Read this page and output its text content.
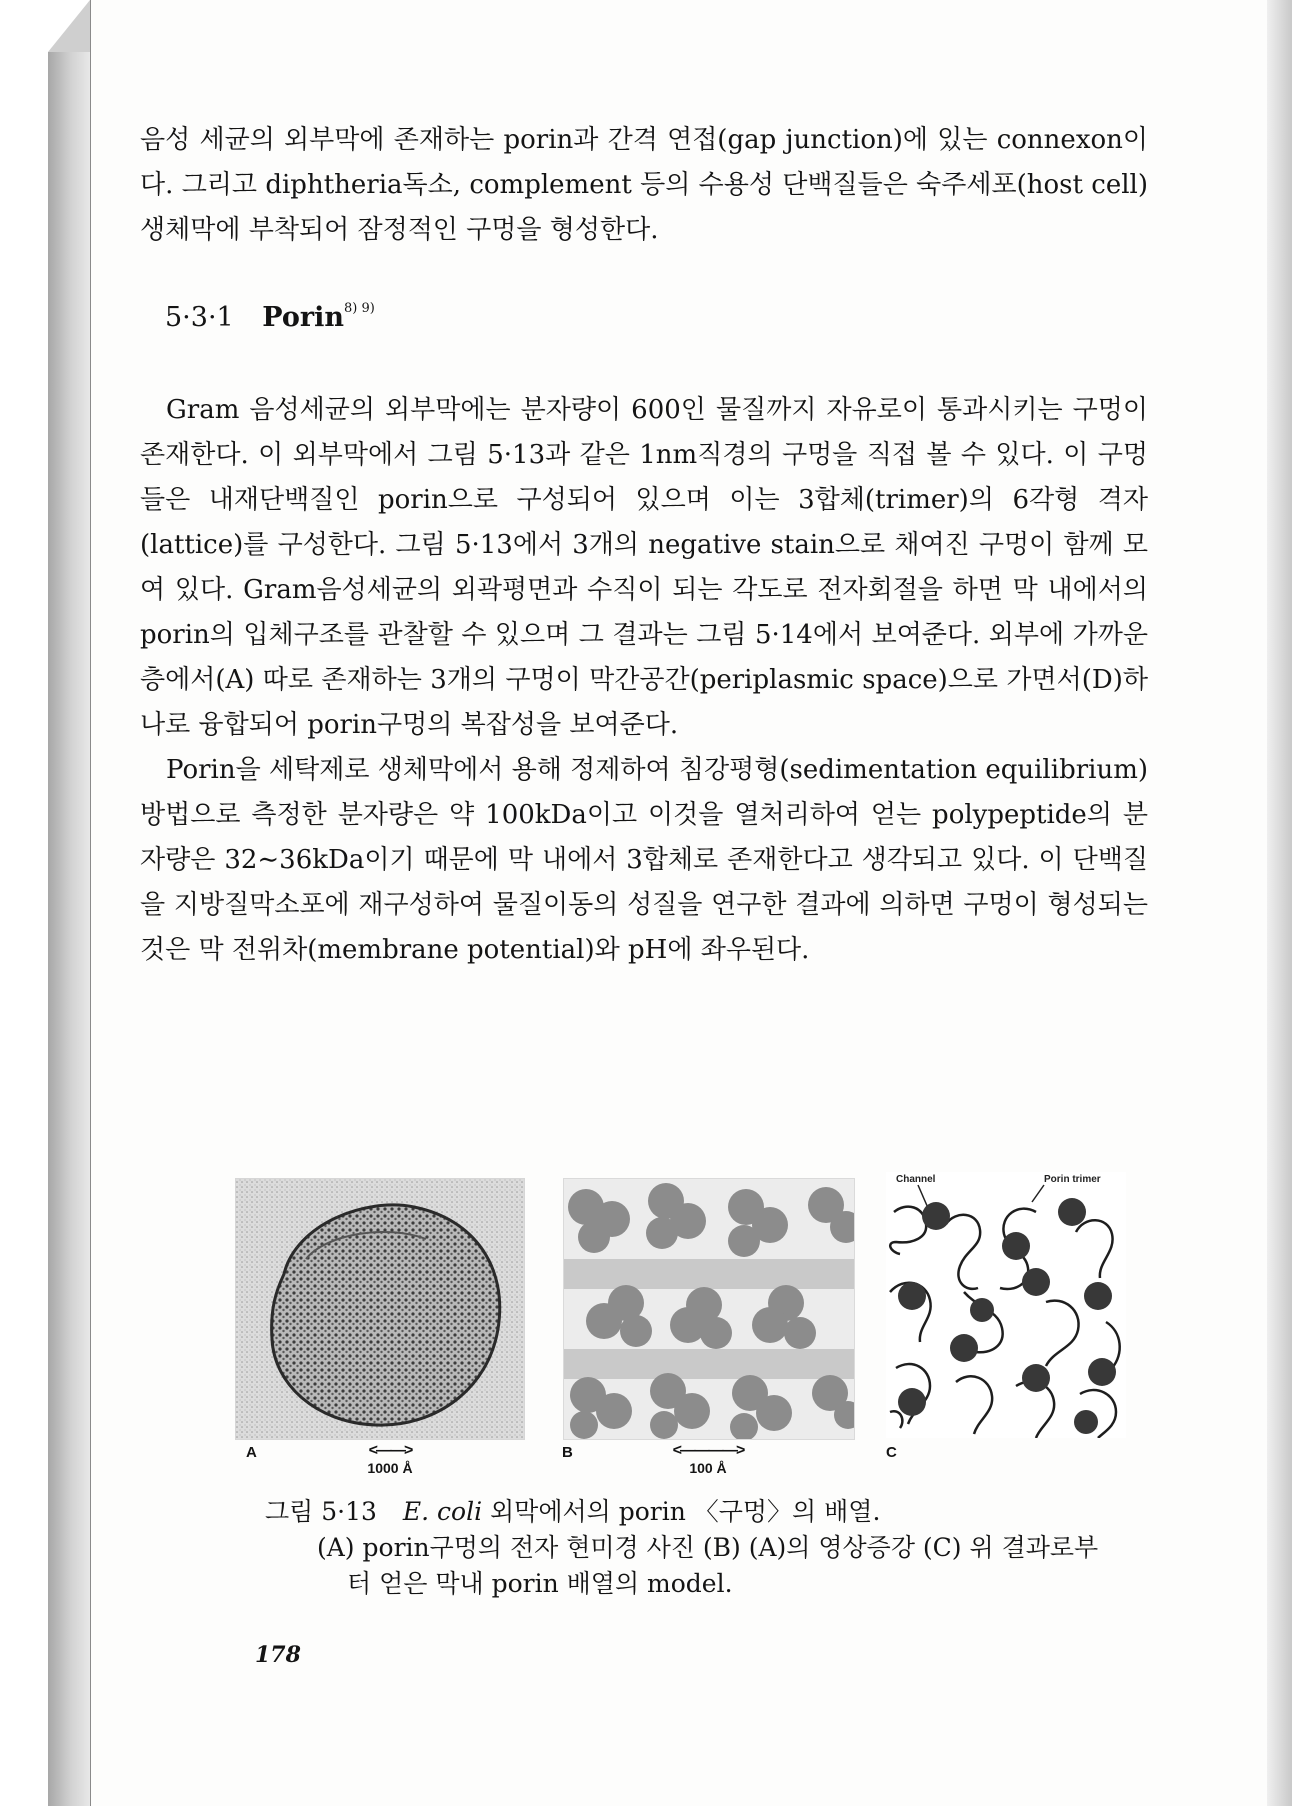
음성 세균의 외부막에 존재하는 porin과 간격 연접(gap junction)에 있는 connexon이다. 그리고 diphtheria독소, complement 등의 수용성 단백질들은 숙주세포(host cell) 생체막에 부착되어 잠정적인 구멍을 형성한다.

5·3·1 Porin$^{8) 9)}$

Gram 음성세균의 외부막에는 분자량이 600인 물질까지 자유로이 통과시키는 구멍이 존재한다. 이 외부막에서 그림 5·13과 같은 1nm직경의 구멍을 직접 볼 수 있다. 이 구멍들은 내재단백질인 porin으로 구성되어 있으며 이는 3합체(trimer)의 6각형 격자(lattice)를 구성한다. 그림 5·13에서 3개의 negative stain으로 채여진 구멍이 함께 모여 있다. Gram음성세균의 외곽평면과 수직이 되는 각도로 전자회절을 하면 막 내에서의 porin의 입체구조를 관찰할 수 있으며 그 결과는 그림 5·14에서 보여준다. 외부에 가까운 층에서(A) 따로 존재하는 3개의 구멍이 막간공간(periplasmic space)으로 가면서(D)하나로 융합되어 porin구멍의 복잡성을 보여준다.

Porin을 세탁제로 생체막에서 용해 정제하여 침강평형(sedimentation equilibrium)방법으로 측정한 분자량은 약 100kDa이고 이것을 열처리하여 얻는 polypeptide의 분자량은 32∼36kDa이기 때문에 막 내에서 3합체로 존재한다고 생각되고 있다. 이 단백질을 지방질막소포에 재구성하여 물질이동의 성질을 연구한 결과에 의하면 구멍이 형성되는 것은 막 전위차(membrane potential)와 pH에 좌우된다.

Channel	Porin trimer
A	B	C
<——>
1000 Å
<————>
100 Å
그림 5·13 E. coli 외막에서의 porin 〈구멍〉의 배열.
(A) porin구멍의 전자 현미경 사진 (B) (A)의 영상증강 (C) 위 결과로부
터 얻은 막내 porin 배열의 model.
178
